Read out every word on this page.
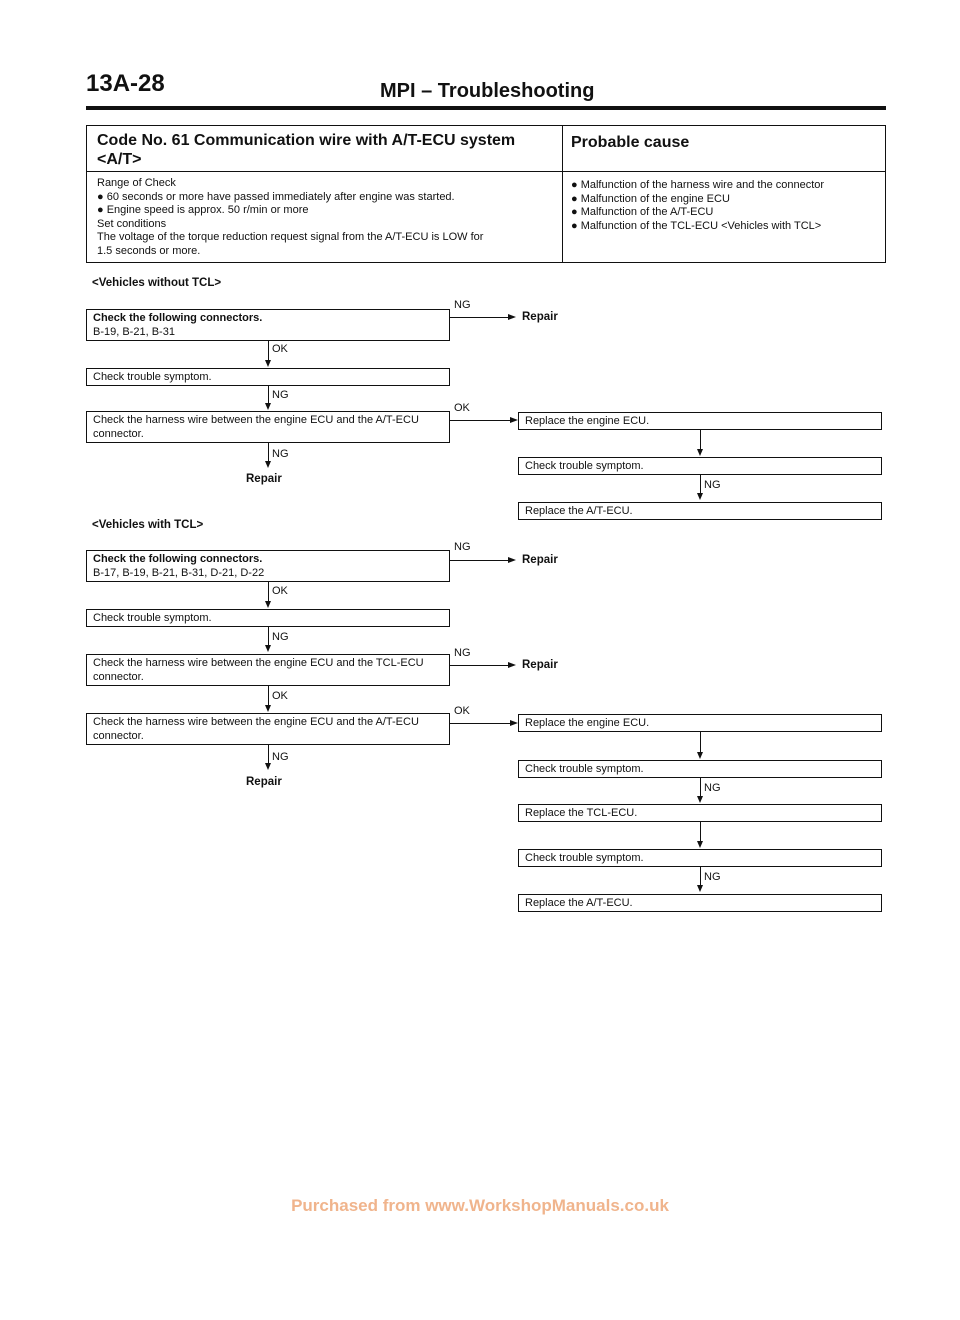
13A-28	MPI – Troubleshooting
Code No. 61 Communication wire with A/T-ECU system
<A/T>
Probable cause
Range of Check
● 60 seconds or more have passed immediately after engine was started.
● Engine speed is approx. 50 r/min or more
Set conditions
The voltage of the torque reduction request signal from the A/T-ECU is LOW for
1.5 seconds or more.
● Malfunction of the harness wire and the connector
● Malfunction of the engine ECU
● Malfunction of the A/T-ECU
● Malfunction of the TCL-ECU <Vehicles with TCL>
<Vehicles without TCL>
Check the following connectors.
B-19, B-21, B-31
NG
Repair
OK
Check trouble symptom.
NG
Check the harness wire between the engine ECU and the A/T-ECU
connector.
OK
NG
Repair
Replace the engine ECU.
Check trouble symptom.
NG
Replace the A/T-ECU.
<Vehicles with TCL>
Check the following connectors.
B-17, B-19, B-21, B-31, D-21, D-22
NG
Repair
OK
Check trouble symptom.
NG
Check the harness wire between the engine ECU and the TCL-ECU
connector.
NG
Repair
OK
Check the harness wire between the engine ECU and the A/T-ECU
connector.
OK
NG
Repair
Replace the engine ECU.
Check trouble symptom.
NG
Replace the TCL-ECU.
Check trouble symptom.
NG
Replace the A/T-ECU.
Purchased from www.WorkshopManuals.co.uk
